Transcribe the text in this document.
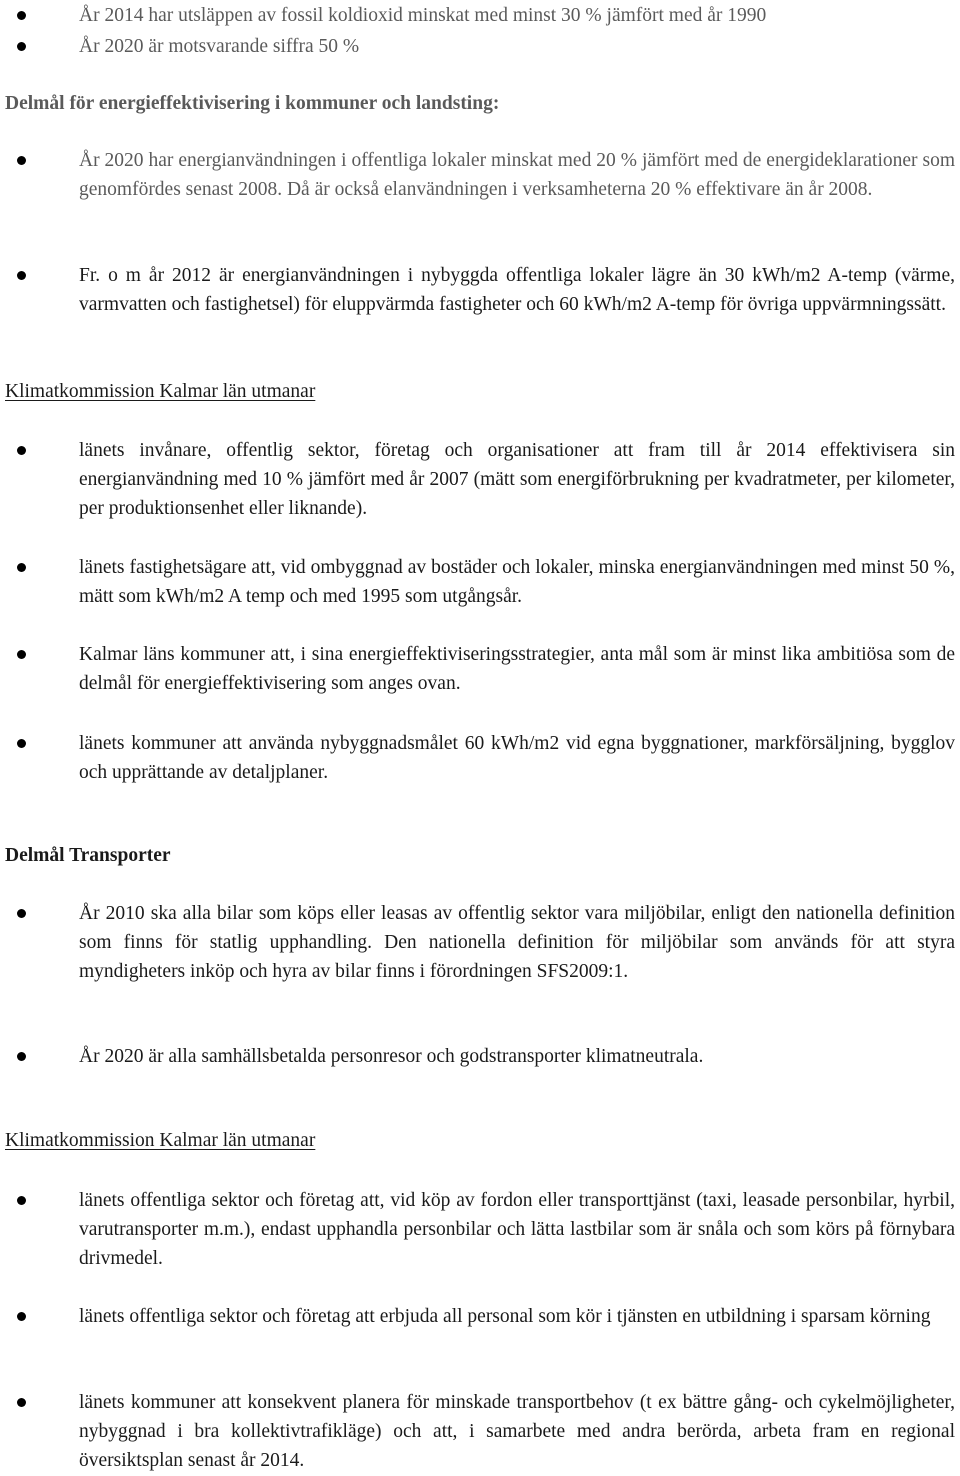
År 2014 har utsläppen av fossil koldioxid minskat med minst 30 % jämfört med år 1990

År 2020 är motsvarande siffra 50 %

Delmål för energieffektivisering i kommuner och landsting:

År 2020 har energianvändningen i offentliga lokaler minskat med 20 % jämfört med de energideklarationer som genomfördes senast 2008. Då är också elanvändningen i verksamheterna 20 % effektivare än år 2008.

Fr. o m år 2012 är energianvändningen i nybyggda offentliga lokaler lägre än 30 kWh/m2 A-temp (värme, varmvatten och fastighetsel) för eluppvärmda fastigheter och 60 kWh/m2 A-temp för övriga uppvärmningssätt.

Klimatkommission Kalmar län utmanar

länets invånare, offentlig sektor, företag och organisationer att fram till år 2014 effektivisera sin energianvändning med 10 % jämfört med år 2007 (mätt som energiförbrukning per kvadratmeter, per kilometer, per produktionsenhet eller liknande).

länets fastighetsägare att, vid ombyggnad av bostäder och lokaler, minska energianvändningen med minst 50 %, mätt som kWh/m2 A temp och med 1995 som utgångsår.

Kalmar läns kommuner att, i sina energieffektiviseringsstrategier, anta mål som är minst lika ambitiösa som de delmål för energieffektivisering som anges ovan.

länets kommuner att använda nybyggnadsmålet 60 kWh/m2 vid egna byggnationer, markförsäljning, bygglov och upprättande av detaljplaner.

Delmål Transporter

År 2010 ska alla bilar som köps eller leasas av offentlig sektor vara miljöbilar, enligt den nationella definition som finns för statlig upphandling. Den nationella definition för miljöbilar som används för att styra myndigheters inköp och hyra av bilar finns i förordningen SFS2009:1.

År 2020 är alla samhällsbetalda personresor och godstransporter klimatneutrala.

Klimatkommission Kalmar län utmanar

länets offentliga sektor och företag att, vid köp av fordon eller transporttjänst (taxi, leasade personbilar, hyrbil, varutransporter m.m.), endast upphandla personbilar och lätta lastbilar som är snåla och som körs på förnybara drivmedel.

länets offentliga sektor och företag att erbjuda all personal som kör i tjänsten en utbildning i sparsam körning

länets kommuner att konsekvent planera för minskade transportbehov (t ex bättre gång- och cykelmöjligheter, nybyggnad i bra kollektivtrafikläge) och att, i samarbete med andra berörda, arbeta fram en regional översiktsplan senast år 2014.
